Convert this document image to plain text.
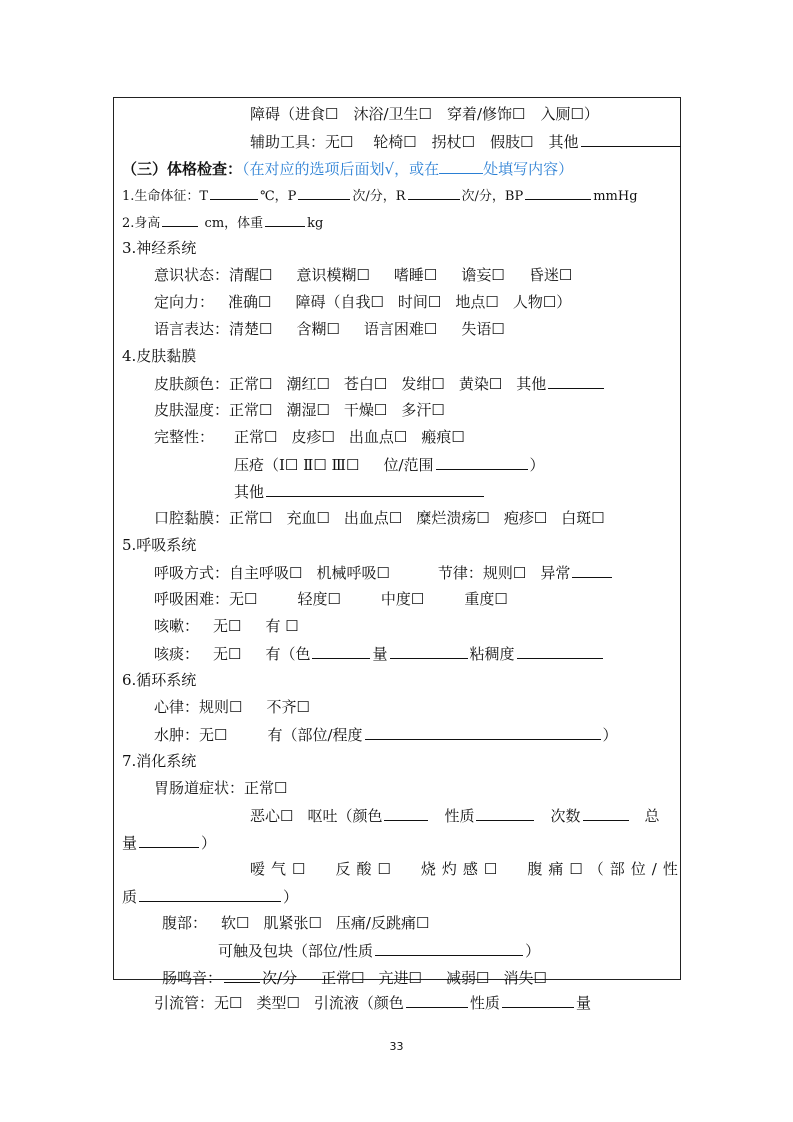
障碍（进食☐　沐浴/卫生☐　穿着/修饰☐　入厕☐）
辅助工具：无☐　 轮椅☐　拐杖☐　假肢☐　其他
（三）体格检查：（在对应的选项后面划√，或在	处填写内容）
1.生命体征：T	℃，P	次/分，R	次/分，BP	mmHg
2.身高	cm，体重	kg
3.神经系统
意识状态：清醒☐ 意识模糊☐ 嗜睡☐ 谵妄☐ 昏迷☐
定向力： 准确☐ 障碍（自我☐ 时间☐ 地点☐ 人物☐）
语言表达：清楚☐ 含糊☐ 语言困难☐ 失语☐
4.皮肤黏膜
皮肤颜色：正常☐ 潮红☐ 苍白☐ 发绀☐ 黄染☐ 其他
皮肤湿度：正常☐ 潮湿☐ 干燥☐ 多汗☐
完整性： 正常☐ 皮疹☐ 出血点☐ 瘢痕☐
压疮（Ⅰ☐ Ⅱ☐ Ⅲ☐ 位/范围	）
其他
口腔黏膜：正常☐ 充血☐ 出血点☐ 糜烂溃疡☐ 疱疹☐ 白斑☐
5.呼吸系统
呼吸方式：自主呼吸☐ 机械呼吸☐	节律：规则☐ 异常
呼吸困难：无☐	轻度☐	中度☐	重度☐
咳嗽： 无☐ 有 ☐
咳痰： 无☐ 有（色	量	粘稠度
6.循环系统
心律：规则☐ 不齐☐
水肿：无☐	有（部位/程度	）
7.消化系统
胃肠道症状：正常☐
恶心☐ 呕吐（颜色	性质	次数	总
量	）
嗳气☐ 反酸☐ 烧灼感☐ 腹痛☐（部位/性
质	）
腹部： 软☐ 肌紧张☐ 压痛/反跳痛☐
可触及包块（部位/性质	）
肠鸣音：	次/分 正常☐ 亢进☐ 减弱☐ 消失☐
引流管：无☐ 类型☐ 引流液（颜色	性质	量
33
